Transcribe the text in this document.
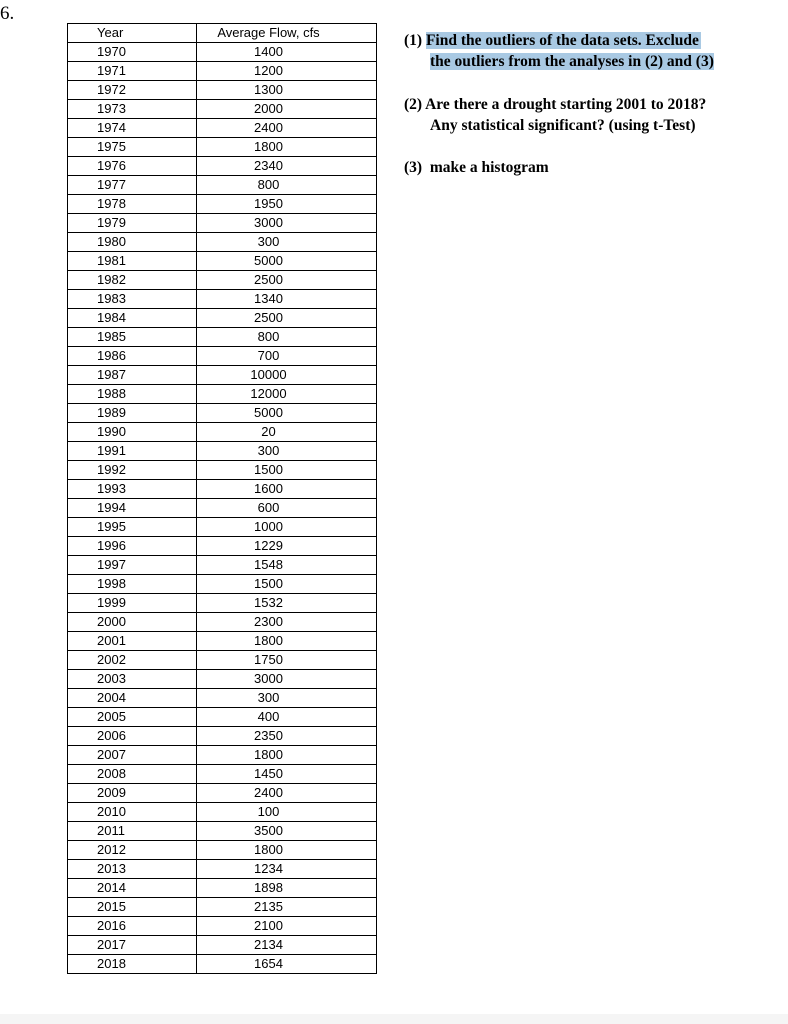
6.
Year	Average Flow, cfs
1970	1400
1971	1200
1972	1300
1973	2000
1974	2400
1975	1800
1976	2340
1977	800
1978	1950
1979	3000
1980	300
1981	5000
1982	2500
1983	1340
1984	2500
1985	800
1986	700
1987	10000
1988	12000
1989	5000
1990	20
1991	300
1992	1500
1993	1600
1994	600
1995	1000
1996	1229
1997	1548
1998	1500
1999	1532
2000	2300
2001	1800
2002	1750
2003	3000
2004	300
2005	400
2006	2350
2007	1800
2008	1450
2009	2400
2010	100
2011	3500
2012	1800
2013	1234
2014	1898
2015	2135
2016	2100
2017	2134
2018	1654
(1) Find the outliers of the data sets. Exclude
the outliers from the analyses in (2) and (3)
(2) Are there a drought starting 2001 to 2018?
Any statistical significant? (using t-Test)
(3) make a histogram
